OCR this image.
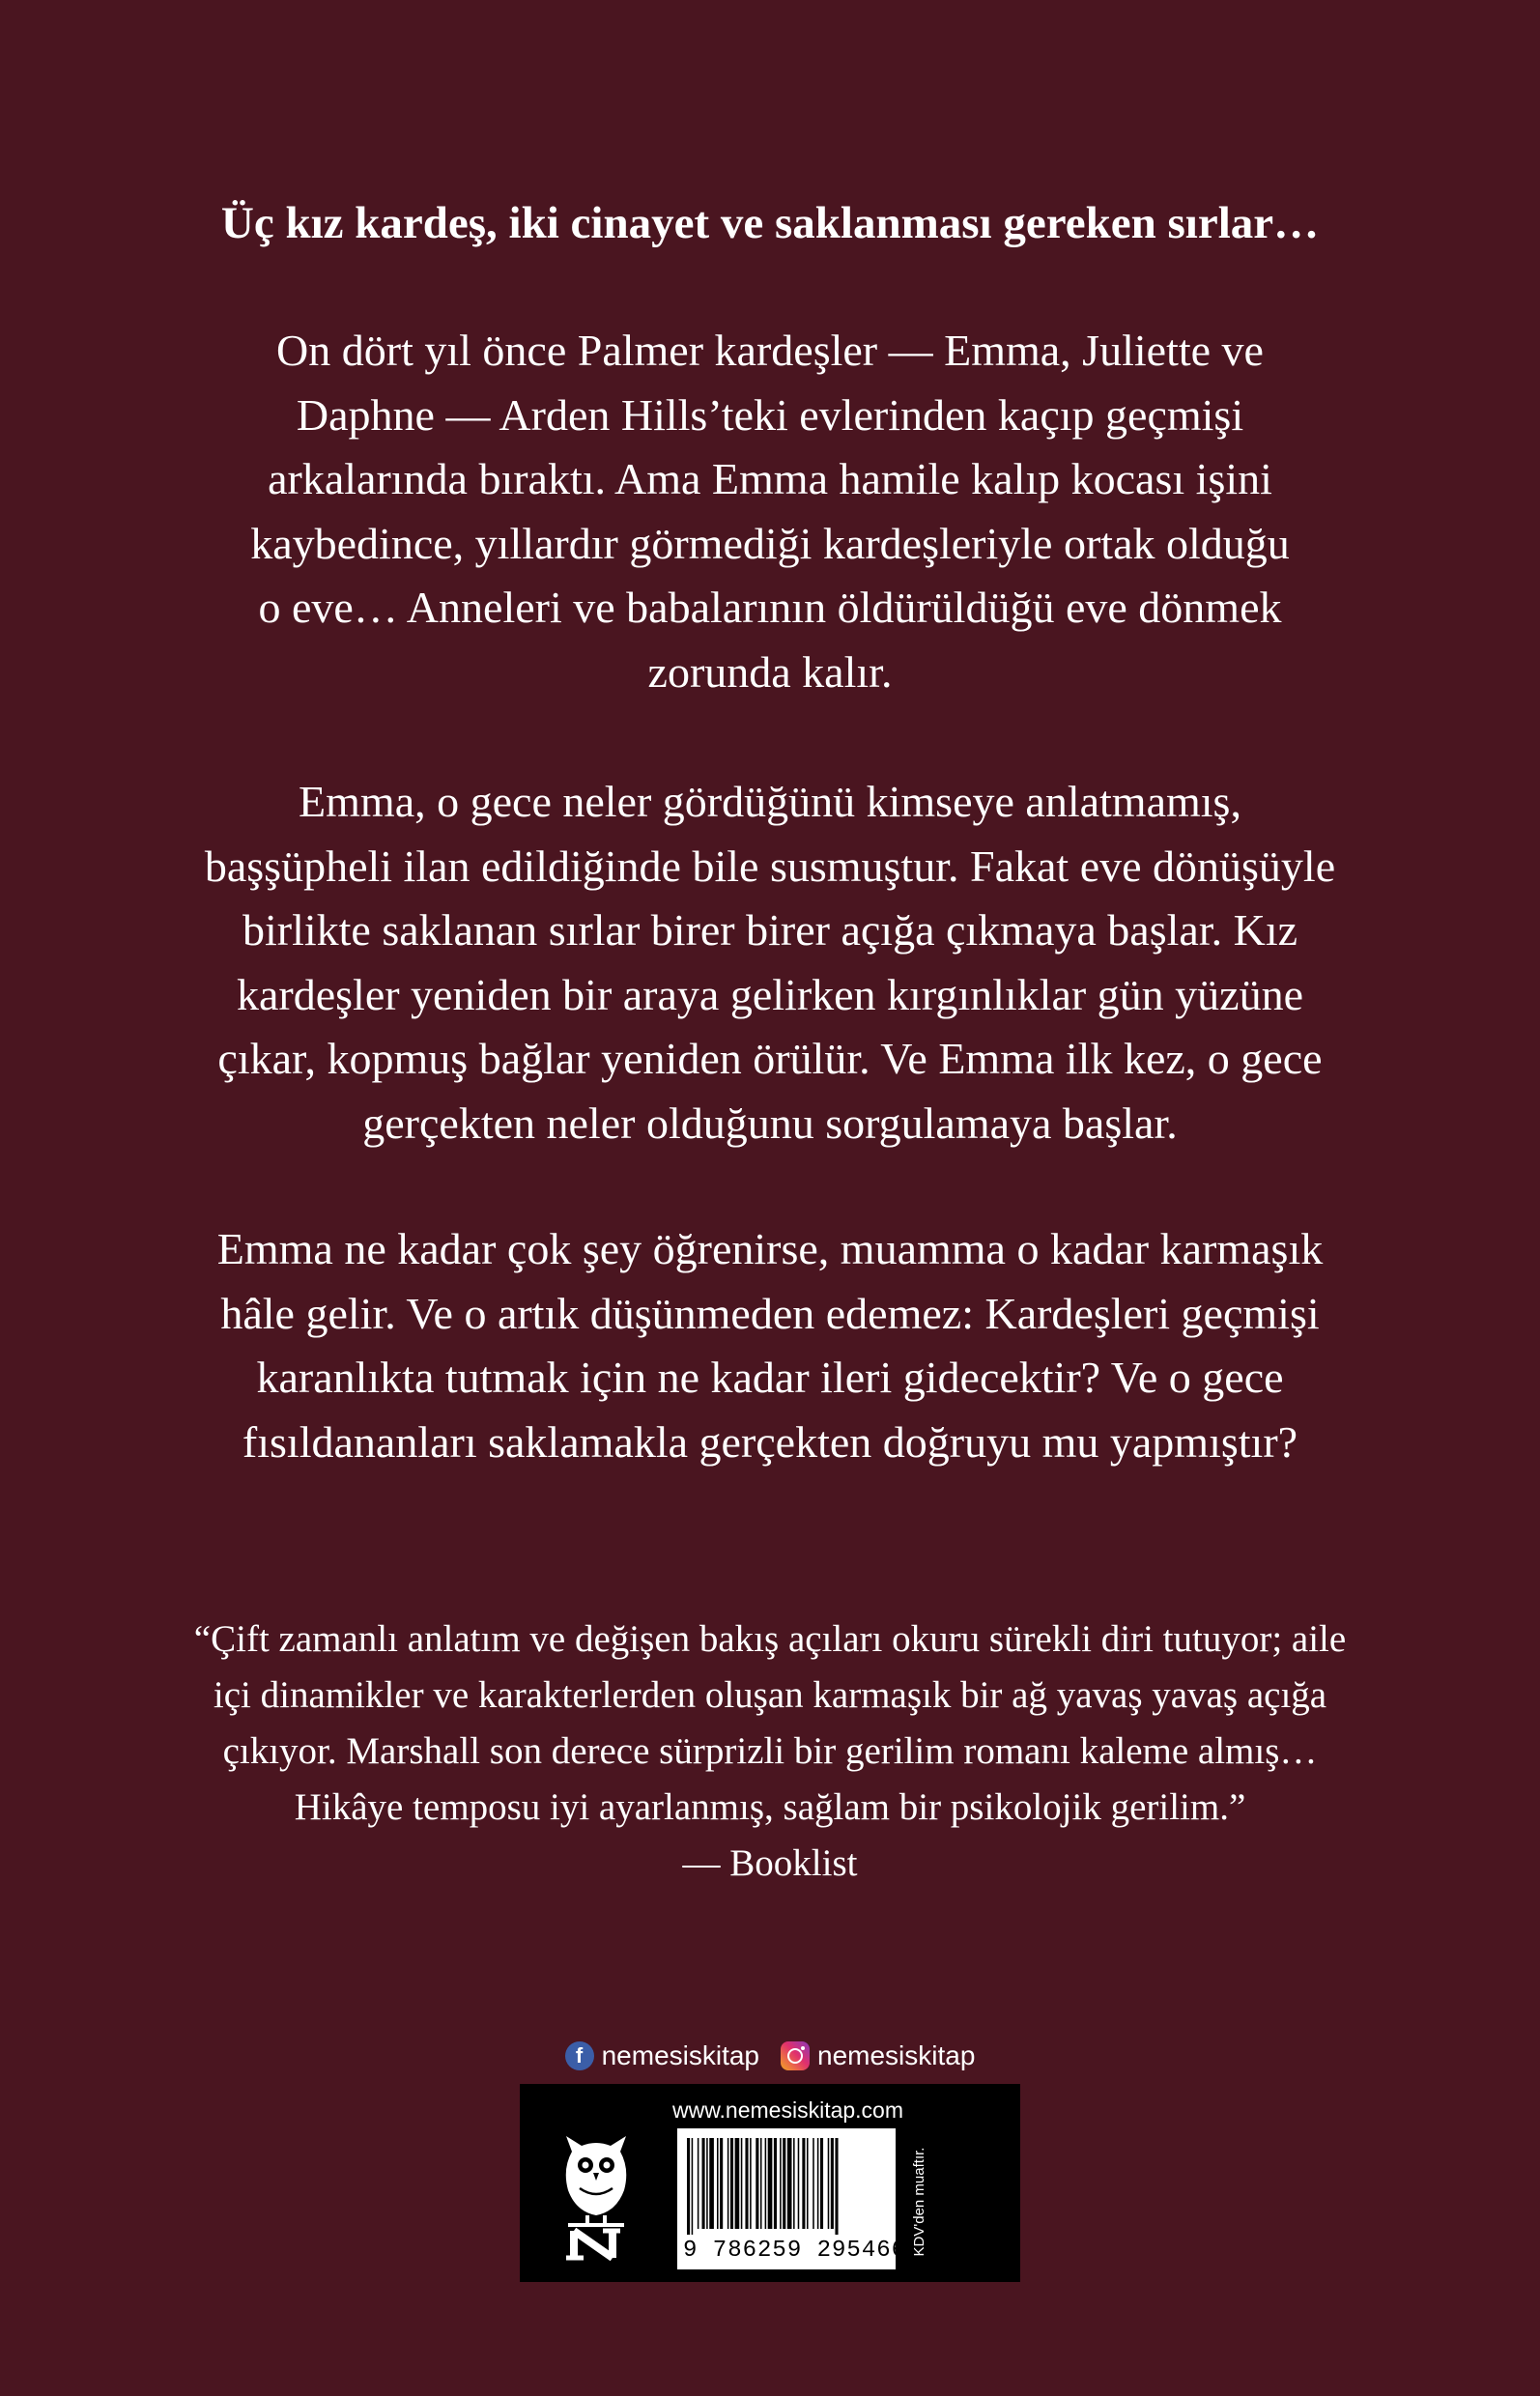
Üç kız kardeş, iki cinayet ve saklanması gereken sırlar…
On dört yıl önce Palmer kardeşler — Emma, Juliette ve
Daphne — Arden Hills’teki evlerinden kaçıp geçmişi
arkalarında bıraktı. Ama Emma hamile kalıp kocası işini
kaybedince, yıllardır görmediği kardeşleriyle ortak olduğu
o eve… Anneleri ve babalarının öldürüldüğü eve dönmek
zorunda kalır.
Emma, o gece neler gördüğünü kimseye anlatmamış,
başşüpheli ilan edildiğinde bile susmuştur. Fakat eve dönüşüyle
birlikte saklanan sırlar birer birer açığa çıkmaya başlar. Kız
kardeşler yeniden bir araya gelirken kırgınlıklar gün yüzüne
çıkar, kopmuş bağlar yeniden örülür. Ve Emma ilk kez, o gece
gerçekten neler olduğunu sorgulamaya başlar.
Emma ne kadar çok şey öğrenirse, muamma o kadar karmaşık
hâle gelir. Ve o artık düşünmeden edemez: Kardeşleri geçmişi
karanlıkta tutmak için ne kadar ileri gidecektir? Ve o gece
fısıldananları saklamakla gerçekten doğruyu mu yapmıştır?
“Çift zamanlı anlatım ve değişen bakış açıları okuru sürekli diri tutuyor; aile
içi dinamikler ve karakterlerden oluşan karmaşık bir ağ yavaş yavaş açığa
çıkıyor. Marshall son derece sürprizli bir gerilim romanı kaleme almış…
Hikâye temposu iyi ayarlanmış, sağlam bir psikolojik gerilim.”
— Booklist
f nemesiskitap nemesiskitap
www.nemesiskitap.com
9 786259 295466 KDV'den muaftır.
